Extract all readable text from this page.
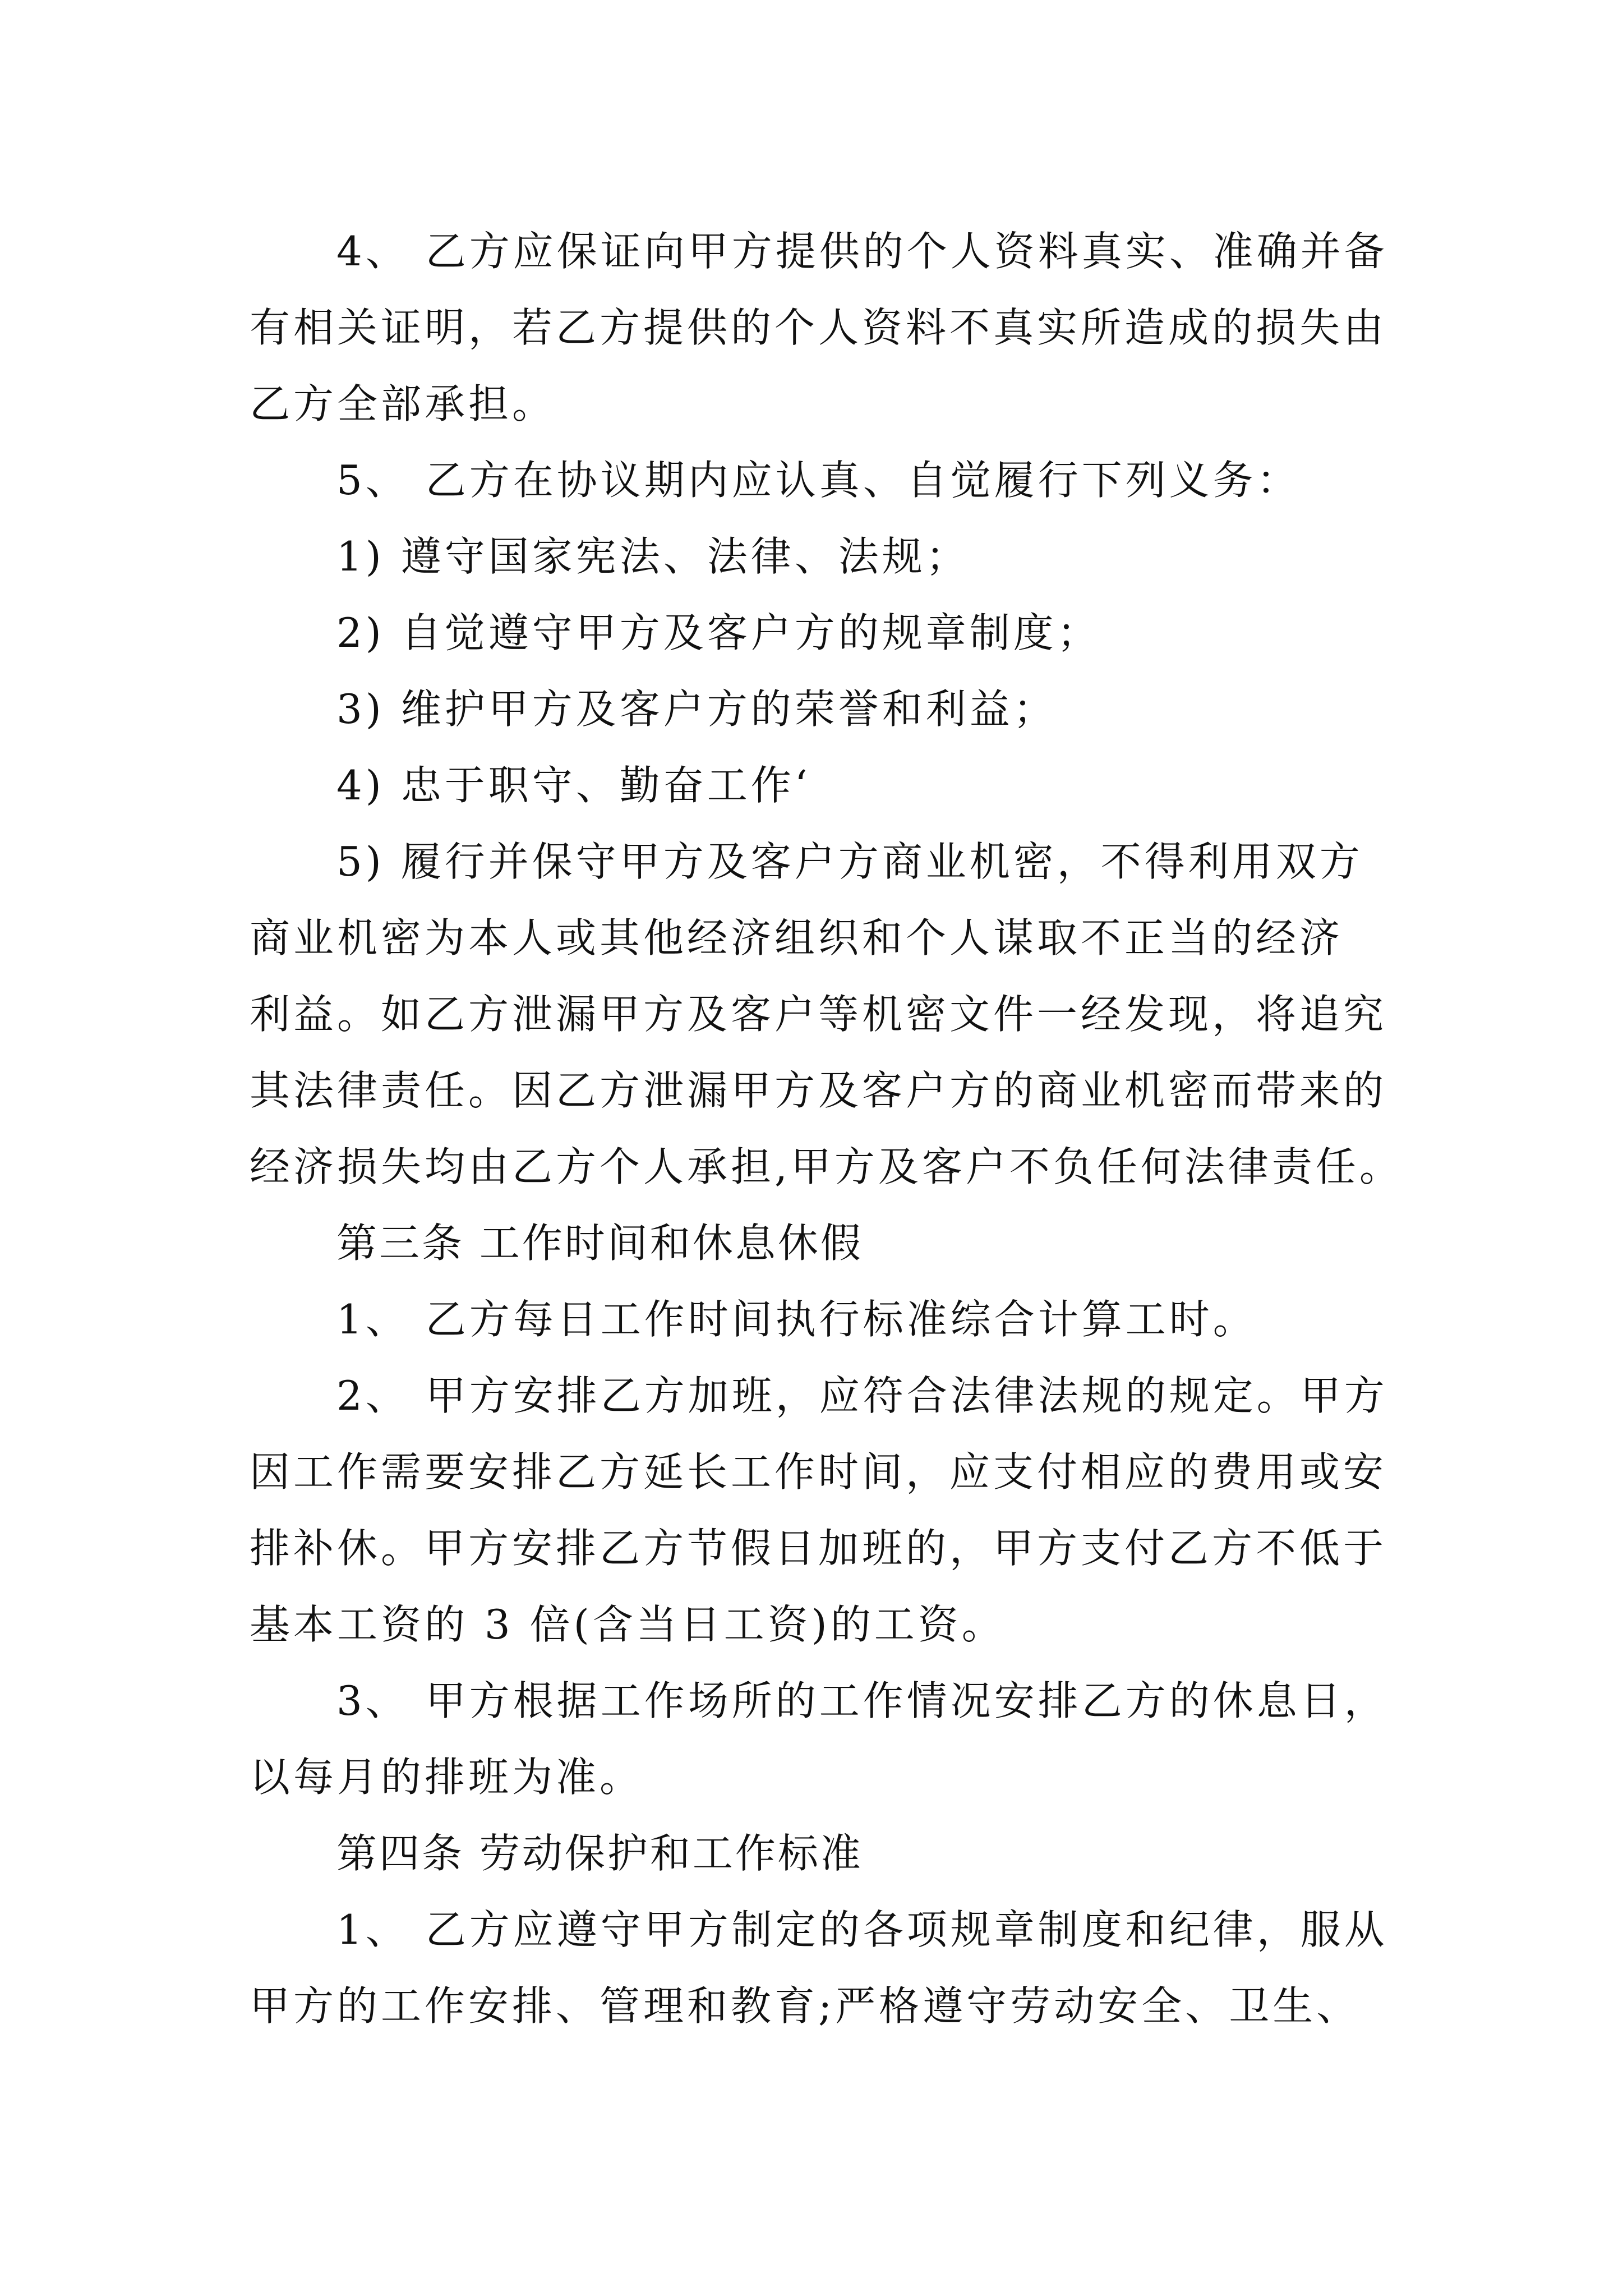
4、 乙方应保证向甲方提供的个人资料真实、准确并备

有相关证明，若乙方提供的个人资料不真实所造成的损失由

乙方全部承担。

5、 乙方在协议期内应认真、自觉履行下列义务：

1) 遵守国家宪法、法律、法规；

2) 自觉遵守甲方及客户方的规章制度；

3) 维护甲方及客户方的荣誉和利益；

4) 忠于职守、勤奋工作‘

5) 履行并保守甲方及客户方商业机密，不得利用双方

商业机密为本人或其他经济组织和个人谋取不正当的经济

利益。如乙方泄漏甲方及客户等机密文件一经发现，将追究

其法律责任。因乙方泄漏甲方及客户方的商业机密而带来的

经济损失均由乙方个人承担,甲方及客户不负任何法律责任。

第三条 工作时间和休息休假

1、 乙方每日工作时间执行标准综合计算工时。

2、 甲方安排乙方加班，应符合法律法规的规定。甲方

因工作需要安排乙方延长工作时间，应支付相应的费用或安

排补休。甲方安排乙方节假日加班的，甲方支付乙方不低于

基本工资的 3 倍(含当日工资)的工资。

3、 甲方根据工作场所的工作情况安排乙方的休息日，

以每月的排班为准。

第四条 劳动保护和工作标准

1、 乙方应遵守甲方制定的各项规章制度和纪律，服从

甲方的工作安排、管理和教育;严格遵守劳动安全、卫生、
